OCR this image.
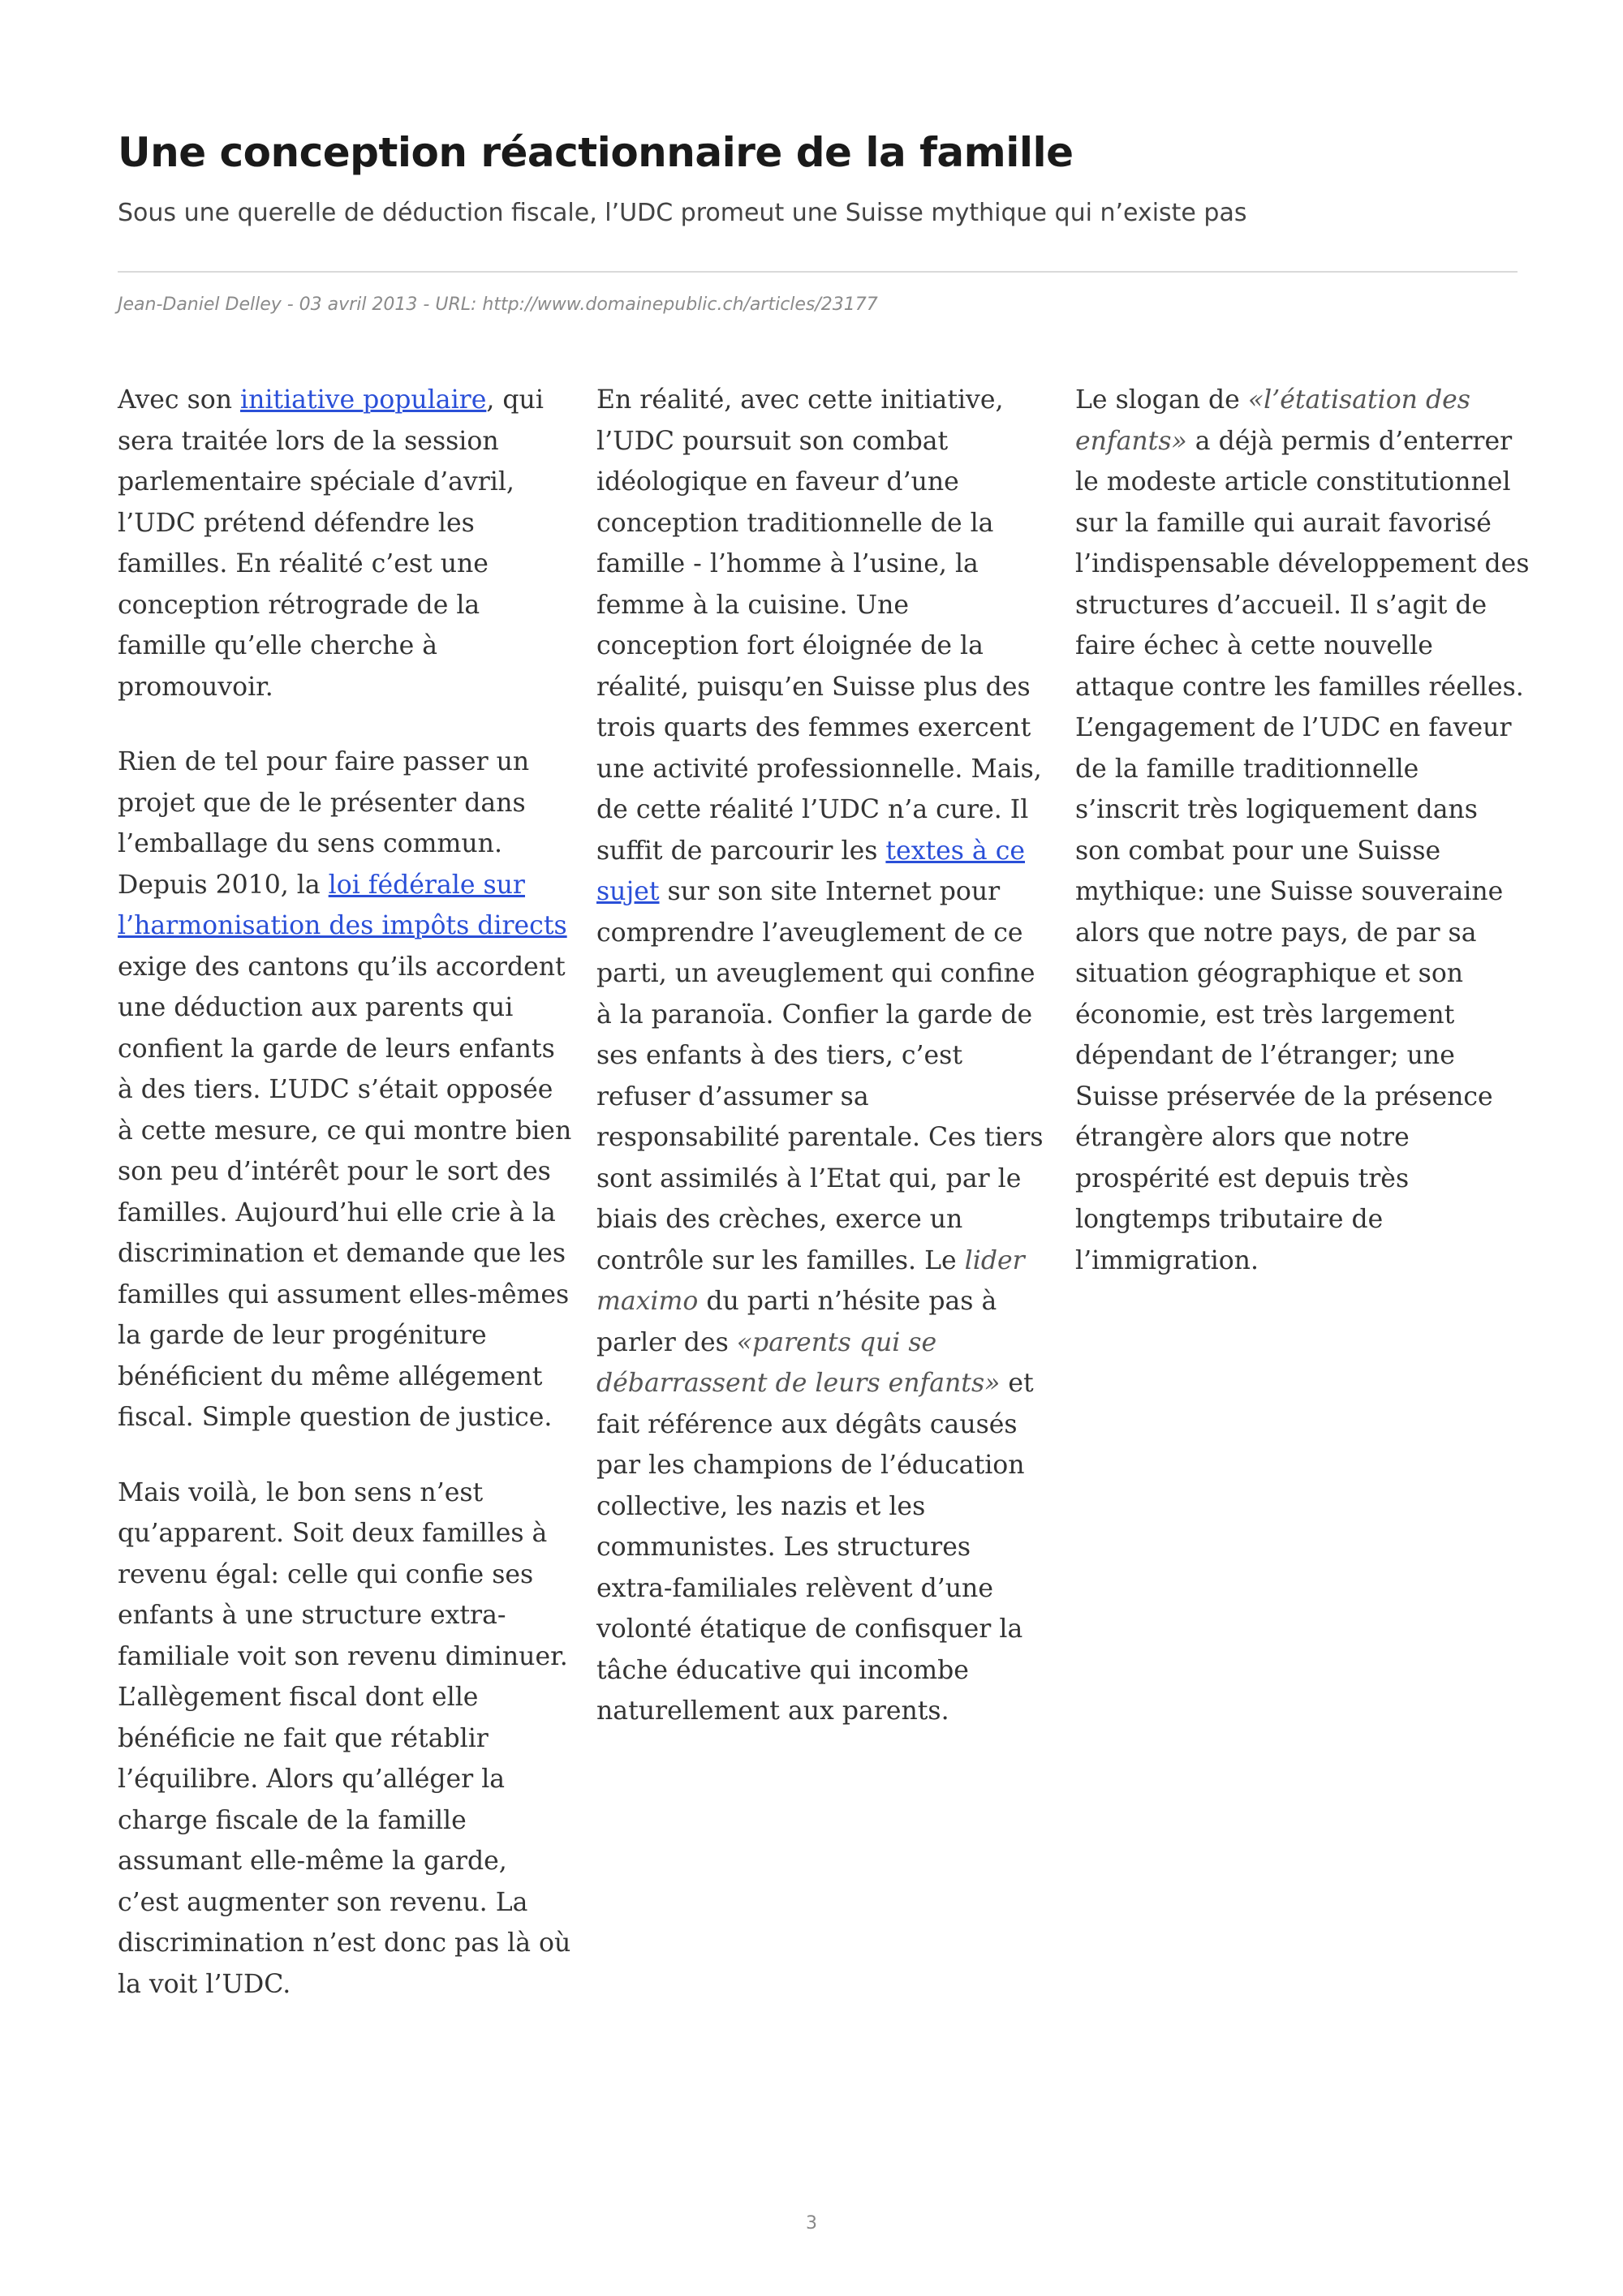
Une conception réactionnaire de la famille

Sous une querelle de déduction fiscale, l’UDC promeut une Suisse mythique qui n’existe pas

Jean-Daniel Delley - 03 avril 2013 - URL: http://www.domainepublic.ch/articles/23177

Avec son initiative populaire, qui sera traitée lors de la session parlementaire spéciale d’avril, l’UDC prétend défendre les familles. En réalité c’est une conception rétrograde de la famille qu’elle cherche à promouvoir.

Rien de tel pour faire passer un projet que de le présenter dans l’emballage du sens commun. Depuis 2010, la loi fédérale sur l’harmonisation des impôts directs exige des cantons qu’ils accordent une déduction aux parents qui confient la garde de leurs enfants à des tiers. L’UDC s’était opposée à cette mesure, ce qui montre bien son peu d’intérêt pour le sort des familles. Aujourd’hui elle crie à la discrimination et demande que les familles qui assument elles-mêmes la garde de leur progéniture bénéficient du même allégement fiscal. Simple question de justice.

Mais voilà, le bon sens n’est qu’apparent. Soit deux familles à revenu égal: celle qui confie ses enfants à une structure extra-familiale voit son revenu diminuer. L’allègement fiscal dont elle bénéficie ne fait que rétablir l’équilibre. Alors qu’alléger la charge fiscale de la famille assumant elle-même la garde, c’est augmenter son revenu. La discrimination n’est donc pas là où la voit l’UDC.

En réalité, avec cette initiative, l’UDC poursuit son combat idéologique en faveur d’une conception traditionnelle de la famille - l’homme à l’usine, la femme à la cuisine. Une conception fort éloignée de la réalité, puisqu’en Suisse plus des trois quarts des femmes exercent une activité professionnelle. Mais, de cette réalité l’UDC n’a cure. Il suffit de parcourir les textes à ce sujet sur son site Internet pour comprendre l’aveuglement de ce parti, un aveuglement qui confine à la paranoïa. Confier la garde de ses enfants à des tiers, c’est refuser d’assumer sa responsabilité parentale. Ces tiers sont assimilés à l’Etat qui, par le biais des crèches, exerce un contrôle sur les familles. Le lider maximo du parti n’hésite pas à parler des «parents qui se débarrassent de leurs enfants» et fait référence aux dégâts causés par les champions de l’éducation collective, les nazis et les communistes. Les structures extra-familiales relèvent d’une volonté étatique de confisquer la tâche éducative qui incombe naturellement aux parents.

Le slogan de «l’étatisation des enfants» a déjà permis d’enterrer le modeste article constitutionnel sur la famille qui aurait favorisé l’indispensable développement des structures d’accueil. Il s’agit de faire échec à cette nouvelle attaque contre les familles réelles. L’engagement de l’UDC en faveur de la famille traditionnelle s’inscrit très logiquement dans son combat pour une Suisse mythique: une Suisse souveraine alors que notre pays, de par sa situation géographique et son économie, est très largement dépendant de l’étranger; une Suisse préservée de la présence étrangère alors que notre prospérité est depuis très longtemps tributaire de l’immigration.

3
